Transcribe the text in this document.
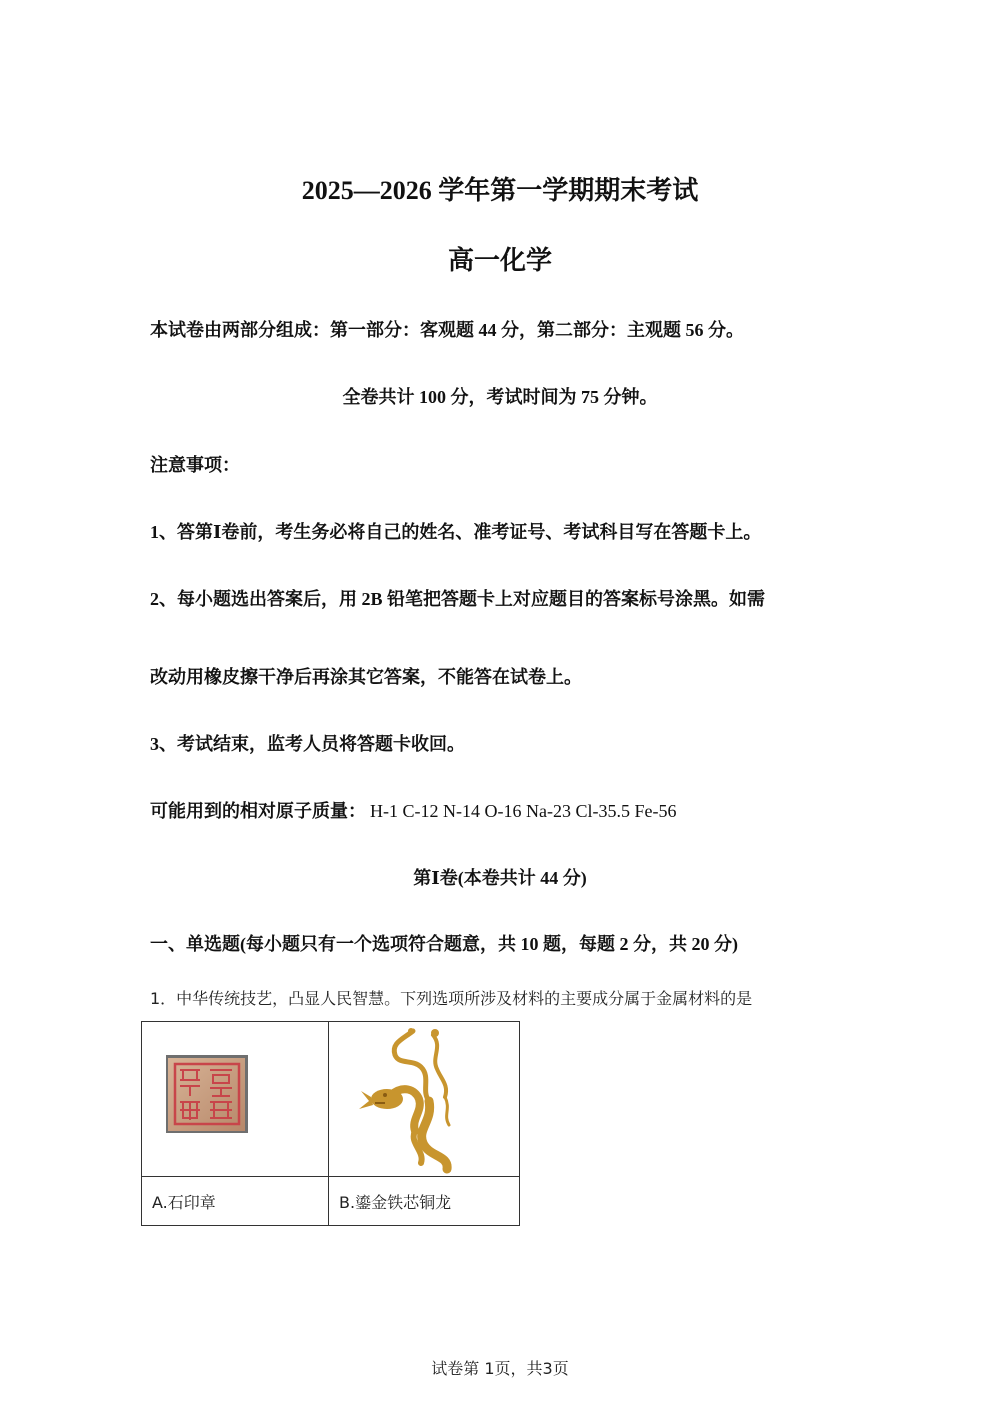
2025—2026 学年第一学期期末考试
高一化学
本试卷由两部分组成：第一部分：客观题 44 分，第二部分：主观题 56 分。
全卷共计 100 分，考试时间为 75 分钟。
注意事项：
1、答第Ⅰ卷前，考生务必将自己的姓名、准考证号、考试科目写在答题卡上。
2、每小题选出答案后，用 2B 铅笔把答题卡上对应题目的答案标号涂黑。如需
改动用橡皮擦干净后再涂其它答案，不能答在试卷上。
3、考试结束，监考人员将答题卡收回。
可能用到的相对原子质量： H-1 C-12 N-14 O-16 Na-23 Cl-35.5 Fe-56
第Ⅰ卷(本卷共计 44 分)
一、单选题(每小题只有一个选项符合题意，共 10 题，每题 2 分，共 20 分)
1．中华传统技艺，凸显人民智慧。下列选项所涉及材料的主要成分属于金属材料的是

A.石印章	B.鎏金铁芯铜龙
试卷第 1页，共3页
